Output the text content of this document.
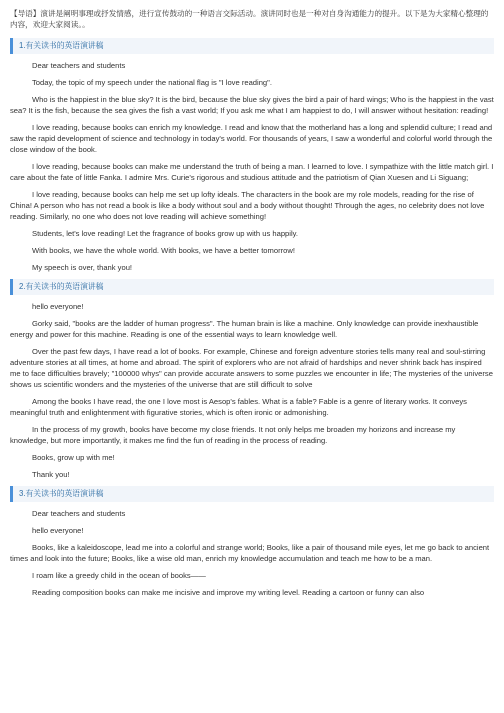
【导语】演讲是阐明事理或抒发情感，进行宣传鼓动的一种语言交际活动。演讲同时也是一种对自身沟通能力的提升。以下是为大家精心整理的内容，欢迎大家阅读。。

1.有关读书的英语演讲稿

Dear teachers and students

Today, the topic of my speech under the national flag is "I love reading".

Who is the happiest in the blue sky? It is the bird, because the blue sky gives the bird a pair of hard wings; Who is the happiest in the vast sea? It is the fish, because the sea gives the fish a vast world; If you ask me what I am happiest to do, I will answer without hesitation: reading!

I love reading, because books can enrich my knowledge. I read and know that the motherland has a long and splendid culture; I read and saw the rapid development of science and technology in today's world. For thousands of years, I saw a wonderful and colorful world through the close window of the book.

I love reading, because books can make me understand the truth of being a man. I learned to love. I sympathize with the little match girl. I care about the fate of little Fanka. I admire Mrs. Curie's rigorous and studious attitude and the patriotism of Qian Xuesen and Li Siguang;

I love reading, because books can help me set up lofty ideals. The characters in the book are my role models, reading for the rise of China! A person who has not read a book is like a body without soul and a body without thought! Through the ages, no celebrity does not love reading. Similarly, no one who does not love reading will achieve something!

Students, let's love reading! Let the fragrance of books grow up with us happily.

With books, we have the whole world. With books, we have a better tomorrow!

My speech is over, thank you!

2.有关读书的英语演讲稿

hello everyone!

Gorky said, "books are the ladder of human progress". The human brain is like a machine. Only knowledge can provide inexhaustible energy and power for this machine. Reading is one of the essential ways to learn knowledge well.

Over the past few days, I have read a lot of books. For example, Chinese and foreign adventure stories tells many real and soul-stirring adventure stories at all times, at home and abroad. The spirit of explorers who are not afraid of hardships and never shrink back has inspired me to face difficulties bravely; "100000 whys" can provide accurate answers to some puzzles we encounter in life; The mysteries of the universe shows us scientific wonders and the mysteries of the universe that are still difficult to solve

Among the books I have read, the one I love most is Aesop's fables. What is a fable? Fable is a genre of literary works. It conveys meaningful truth and enlightenment with figurative stories, which is often ironic or admonishing.

In the process of my growth, books have become my close friends. It not only helps me broaden my horizons and increase my knowledge, but more importantly, it makes me find the fun of reading in the process of reading.

Books, grow up with me!

Thank you!

3.有关读书的英语演讲稿

Dear teachers and students

hello everyone!

Books, like a kaleidoscope, lead me into a colorful and strange world; Books, like a pair of thousand mile eyes, let me go back to ancient times and look into the future; Books, like a wise old man, enrich my knowledge accumulation and teach me how to be a man.

I roam like a greedy child in the ocean of books——

Reading composition books can make me incisive and improve my writing level. Reading a cartoon or funny can also
